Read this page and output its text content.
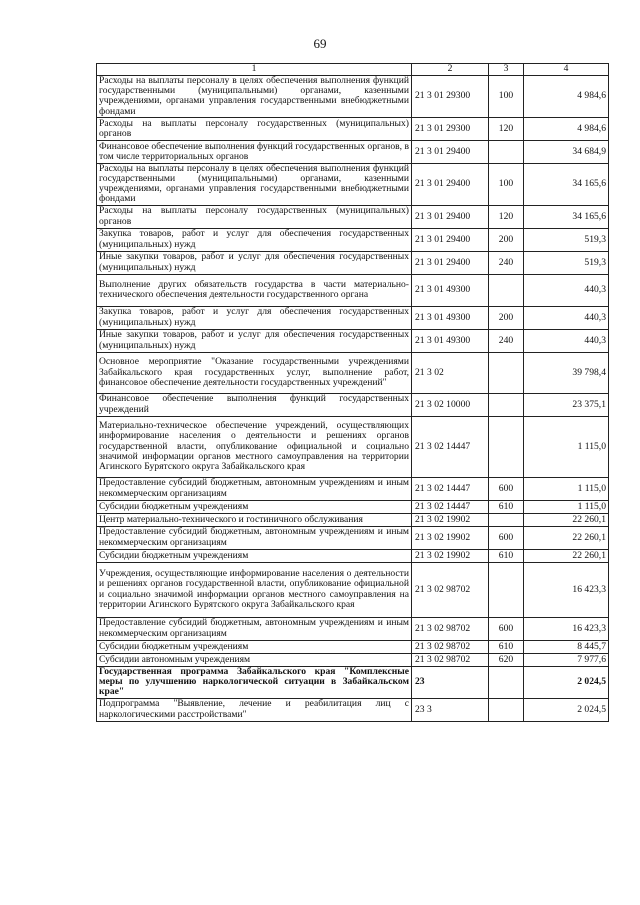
69
1	2	3	4
Расходы на выплаты персоналу в целях обеспечения выполнения функций государственными (муниципальными) органами, казенными учреждениями, органами управления государственными внебюджетными фондами	21 3 01 29300	100	4 984,6
Расходы на выплаты персоналу государственных (муниципальных) органов	21 3 01 29300	120	4 984,6
Финансовое обеспечение выполнения функций государственных органов, в том числе территориальных органов	21 3 01 29400		34 684,9
Расходы на выплаты персоналу в целях обеспечения выполнения функций государственными (муниципальными) органами, казенными учреждениями, органами управления государственными внебюджетными фондами	21 3 01 29400	100	34 165,6
Расходы на выплаты персоналу государственных (муниципальных) органов	21 3 01 29400	120	34 165,6
Закупка товаров, работ и услуг для обеспечения государственных (муниципальных) нужд	21 3 01 29400	200	519,3
Иные закупки товаров, работ и услуг для обеспечения государственных (муниципальных) нужд	21 3 01 29400	240	519,3
Выполнение других обязательств государства в части материально-технического обеспечения деятельности государственного органа	21 3 01 49300		440,3
Закупка товаров, работ и услуг для обеспечения государственных (муниципальных) нужд	21 3 01 49300	200	440,3
Иные закупки товаров, работ и услуг для обеспечения государственных (муниципальных) нужд	21 3 01 49300	240	440,3
Основное мероприятие "Оказание государственными учреждениями Забайкальского края государственных услуг, выполнение работ, финансовое обеспечение деятельности государственных учреждений"	21 3 02		39 798,4
Финансовое обеспечение выполнения функций государственных учреждений	21 3 02 10000		23 375,1
Материально-техническое обеспечение учреждений, осуществляющих информирование населения о деятельности и решениях органов государственной власти, опубликование официальной и социально значимой информации органов местного самоуправления на территории Агинского Бурятского округа Забайкальского края	21 3 02 14447		1 115,0
Предоставление субсидий бюджетным, автономным учреждениям и иным некоммерческим организациям	21 3 02 14447	600	1 115,0
Субсидии бюджетным учреждениям	21 3 02 14447	610	1 115,0
Центр материально-технического и гостиничного обслуживания	21 3 02 19902		22 260,1
Предоставление субсидий бюджетным, автономным учреждениям и иным некоммерческим организациям	21 3 02 19902	600	22 260,1
Субсидии бюджетным учреждениям	21 3 02 19902	610	22 260,1
Учреждения, осуществляющие информирование населения о деятельности и решениях органов государственной власти, опубликование официальной и социально значимой информации органов местного самоуправления на территории Агинского Бурятского округа Забайкальского края	21 3 02 98702		16 423,3
Предоставление субсидий бюджетным, автономным учреждениям и иным некоммерческим организациям	21 3 02 98702	600	16 423,3
Субсидии бюджетным учреждениям	21 3 02 98702	610	8 445,7
Субсидии автономным учреждениям	21 3 02 98702	620	7 977,6
Государственная программа Забайкальского края "Комплексные меры по улучшению наркологической ситуации в Забайкальском крае"	23		2 024,5
Подпрограмма "Выявление, лечение и реабилитация лиц с наркологическими расстройствами"	23 3		2 024,5
